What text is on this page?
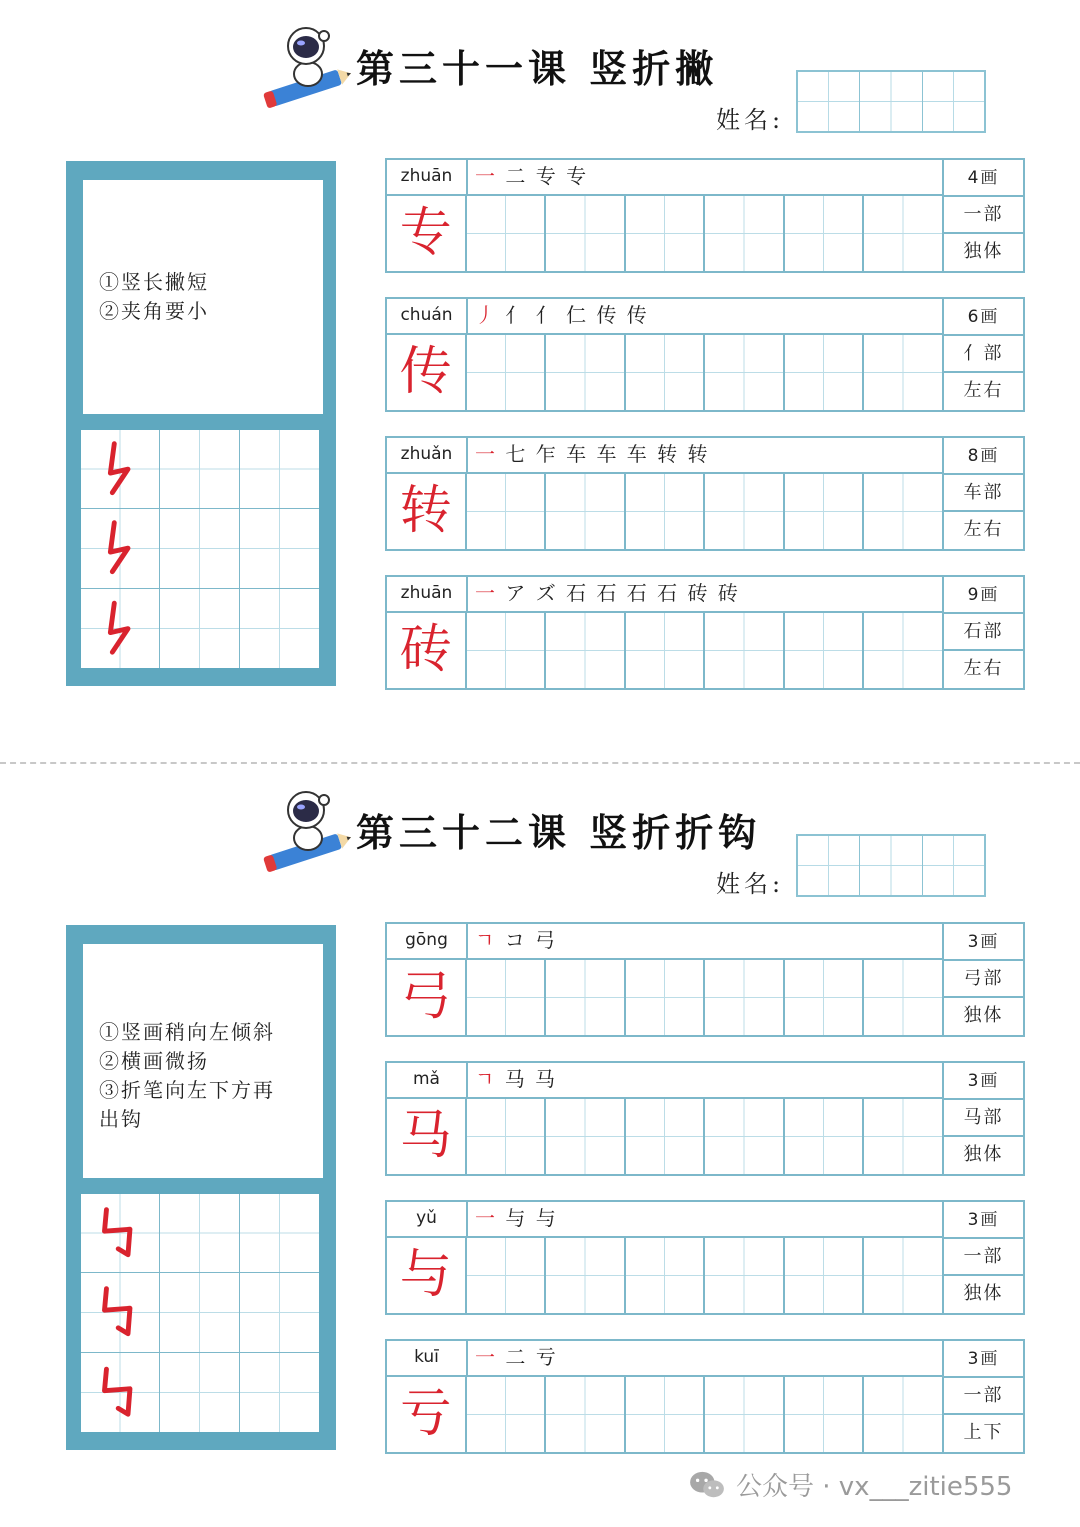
第三十一课 竖折撇
姓名:
①竖长撇短
②夹角要小
zhuān	一 二 专 专
专
4画
一部
独体
chuán	丿 亻 亻 仁 传 传
传
6画
亻部
左右
zhuǎn	一 七 乍 车 车 车 转 转
转
8画
车部
左右
zhuān	一 ア ズ 石 石 石 石 砖 砖
砖
9画
石部
左右
第三十二课 竖折折钩
姓名:
①竖画稍向左倾斜
②横画微扬
③折笔向左下方再
出钩
gōng	ㄱ コ 弓
弓
3画
弓部
独体
mǎ	ㄱ 马 马
马
3画
马部
独体
yǔ	一 与 与
与
3画
一部
独体
kuī	一 二 亏
亏
3画
一部
上下
公众号 · vx___zitie555
